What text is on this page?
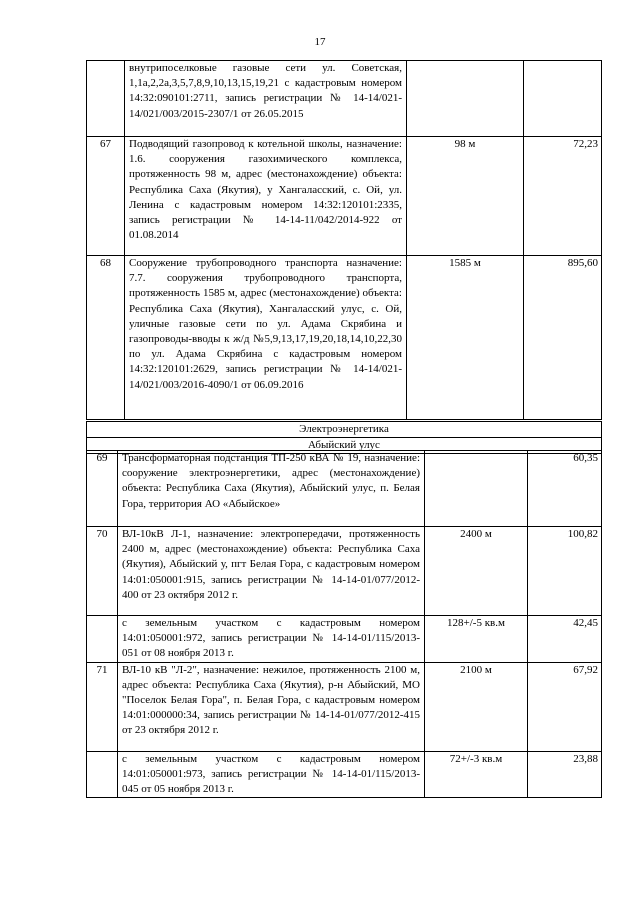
17
	внутрипоселковые газовые сети ул. Советская, 1,1а,2,2а,3,5,7,8,9,10,13,15,19,21 с кадастровым номером 14:32:090101:2711, запись регистрации № 14-14/021-14/021/003/2015-2307/1 от 26.05.2015		
67	Подводящий газопровод к котельной школы, назначение: 1.6. сооружения газохимического комплекса, протяженность 98 м, адрес (местонахождение) объекта: Республика Саха (Якутия), у Хангаласский, с. Ой, ул. Ленина с кадастровым номером 14:32:120101:2335, запись регистрации № 14-14-11/042/2014-922 от 01.08.2014	98 м	72,23
68	Сооружение трубопроводного транспорта назначение: 7.7. сооружения трубопроводного транспорта, протяженность 1585 м, адрес (местонахождение) объекта: Республика Саха (Якутия), Хангаласский улус, с. Ой, уличные газовые сети по ул. Адама Скрябина и газопроводы-вводы к ж/д №5,9,13,17,19,20,18,14,10,22,30 по ул. Адама Скрябина с кадастровым номером 14:32:120101:2629, запись регистрации № 14-14/021-14/021/003/2016-4090/1 от 06.09.2016	1585 м	895,60
Электроэнергетика			
Абыйский улус			
69	Трансформаторная подстанция ТП-250 кВА № 19, назначение: сооружение электроэнергетики, адрес (местонахождение) объекта: Республика Саха (Якутия), Абыйский улус, п. Белая Гора, территория АО «Абыйское»		60,35
70	ВЛ-10кВ Л-1, назначение: электропередачи, протяженность 2400 м, адрес (местонахождение) объекта: Республика Саха (Якутия), Абыйский у, пгт Белая Гора, с кадастровым номером 14:01:050001:915, запись регистрации № 14-14-01/077/2012-400 от 23 октября 2012 г.	2400 м	100,82
	с земельным участком с кадастровым номером 14:01:050001:972, запись регистрации № 14-14-01/115/2013-051 от 08 ноября 2013 г.	128+/-5 кв.м	42,45
71	ВЛ-10 кВ "Л-2", назначение: нежилое, протяженность 2100 м, адрес объекта: Республика Саха (Якутия), р-н Абыйский, МО "Поселок Белая Гора", п. Белая Гора, с кадастровым номером 14:01:000000:34, запись регистрации № 14-14-01/077/2012-415 от 23 октября 2012 г.	2100 м	67,92
	с земельным участком с кадастровым номером 14:01:050001:973, запись регистрации № 14-14-01/115/2013-045 от 05 ноября 2013 г.	72+/-3 кв.м	23,88
